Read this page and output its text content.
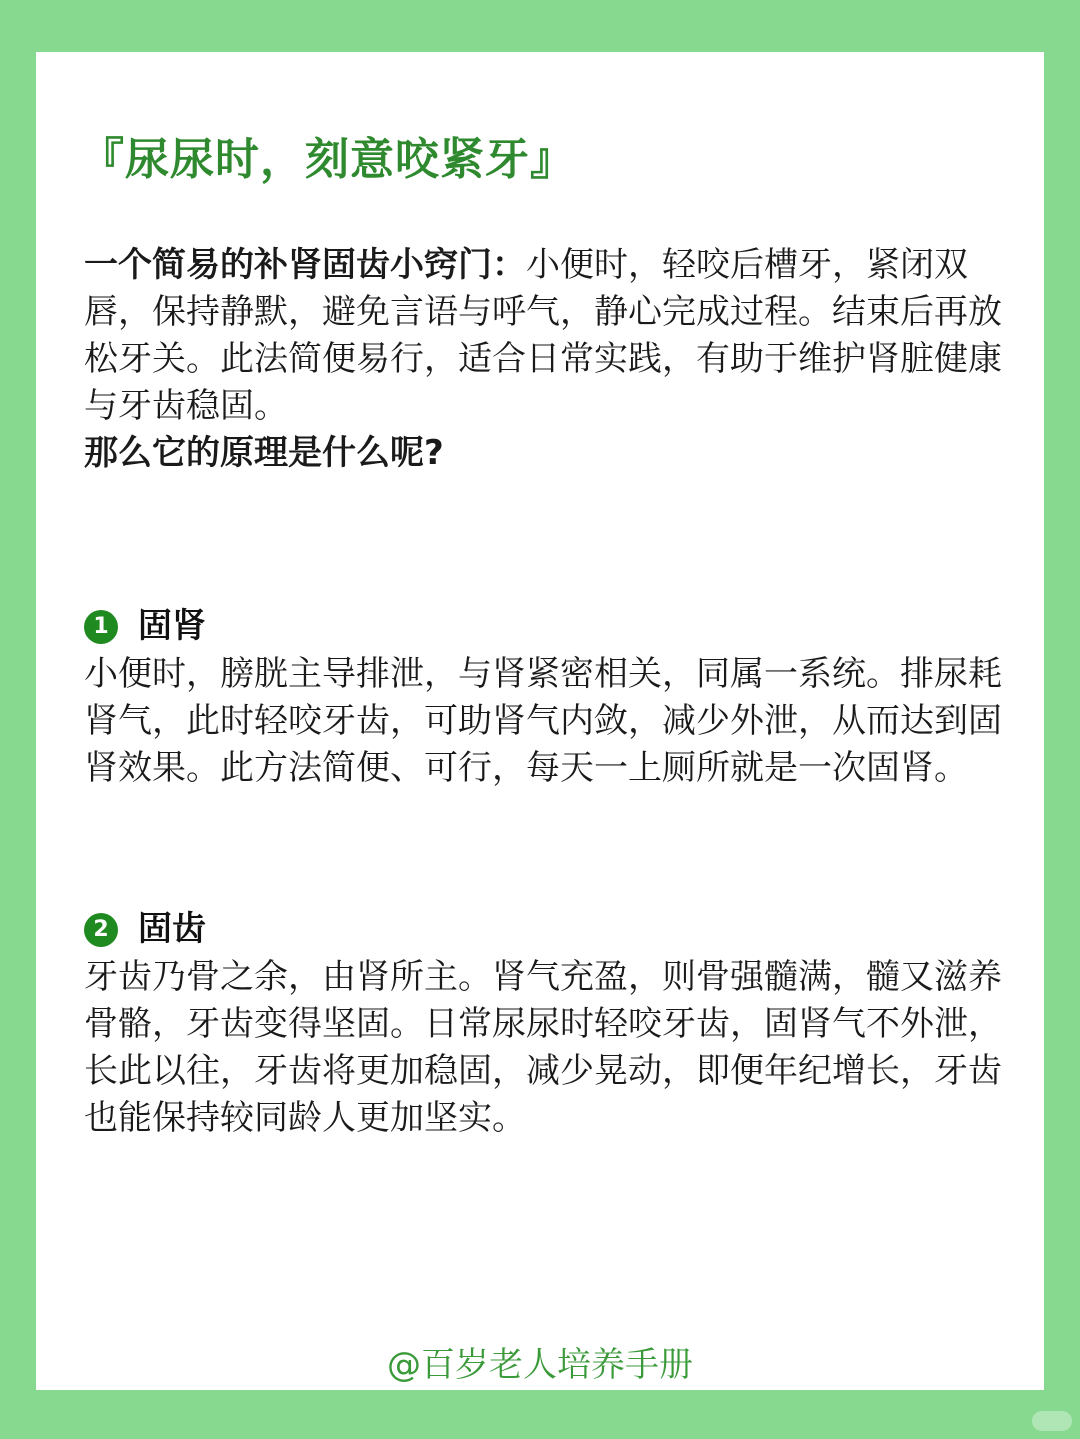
『尿尿时，刻意咬紧牙』

一个简易的补肾固齿小窍门：小便时，轻咬后槽牙，紧闭双唇，保持静默，避免言语与呼气，静心完成过程。结束后再放松牙关。此法简便易行，适合日常实践，有助于维护肾脏健康与牙齿稳固。
那么它的原理是什么呢?

1 固肾

小便时，膀胱主导排泄，与肾紧密相关，同属一系统。排尿耗肾气，此时轻咬牙齿，可助肾气内敛，减少外泄，从而达到固肾效果。此方法简便、可行，每天一上厕所就是一次固肾。

2 固齿

牙齿乃骨之余，由肾所主。肾气充盈，则骨强髓满，髓又滋养骨骼，牙齿变得坚固。日常尿尿时轻咬牙齿，固肾气不外泄，长此以往，牙齿将更加稳固，减少晃动，即便年纪增长，牙齿也能保持较同龄人更加坚实。

@百岁老人培养手册
